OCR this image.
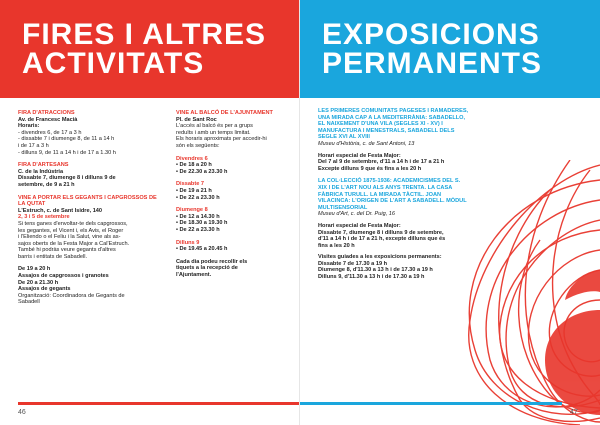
FIRES I ALTRES
ACTIVITATS
FIRA D'ATRACCIONS
Av. de Francesc Macià
Horaris:
- divendres 6, de 17 a 3 h
- dissabte 7 i diumenge 8, de 11 a 14 h
i de 17 a 3 h
- dilluns 9, de 11 a 14 h i de 17 a 1.30 h
FIRA D'ARTESANS
C. de la Indústria
Dissabte 7, diumenge 8 i dilluns 9 de
setembre, de 9 a 21 h
VINE A PORTAR ELS GEGANTS I CAPGROSSOS DE LA QUTAT
L'Estruch, c. de Sant Isidre, 140
2, 3 i 5 de setembre
Si tens ganes d'envoltar-te dels capgrossos,
les gegantes, el Vicent i, els Avis, el Roger
i l'Eliendo o el Feliu i la Salut, vine als as-
sajos oberts de la Festa Major a Cal'Estruch.
També hi podràs veure gegants d'altres
barris i entitats de Sabadell.
De 19 a 20 h
Assajos de capgrossos i granotes
De 20 a 21.30 h
Assajos de gegants
Organització: Coordinadora de Gegants de
Sabadell
VINE AL BALCÓ DE L'AJUNTAMENT
Pl. de Sant Roc
L'accés al balcó és per a grups
reduïts i amb un temps limitat.
Els horaris aproximats per accedir-hi
són els següents:
Divendres 6
• De 18 a 20 h
• De 22.30 a 23.30 h
Dissabte 7
• De 19 a 21 h
• De 22 a 23.30 h
Diumenge 8
• De 12 a 14.30 h
• De 18.30 a 19.30 h
• De 22 a 23.30 h
Dilluns 9
• De 19.45 a 20.45 h
Cada dia podeu recollir els
tiquets a la recepció de
l'Ajuntament.
46
EXPOSICIONS
PERMANENTS
LES PRIMERES COMUNITATS PAGESES I RAMADERES, UNA MIRADA CAP A LA MEDITERRÀNIA: SABADELLO, EL NAIXEMENT D'UNA VILA (SEGLES XI - XV) I MANUFACTURA I MENESTRALS, SABADELL DELS SEGLE XVI AL XVIII
Museu d'Història, c. de Sant Antoni, 13
Horari especial de Festa Major:
Del 7 al 9 de setembre, d'11 a 14 h i de 17 a 21 h
Excepte dilluns 9 que és fins a les 20 h
LA COL·LECCIÓ 1875-1936: ACADEMICISMES DEL S. XIX I DE L'ART NOU ALS ANYS TRENTA. LA CASA FÀBRICA TURULL. LA MIRADA TÀCTIL. JOAN VILACINCA: L'ORIGEN DE L'ART A SABADELL. MÒDUL MULTISENSORIAL
Museu d'Art, c. del Dr. Puig, 16
Horari especial de Festa Major:
Dissabte 7, diumenge 8 i dilluns 9 de setembre,
d'11 a 14 h i de 17 a 21 h, excepte dilluns que és
fins a les 20 h
Visites guiades a les exposicions permanents:
Dissabte 7 de 17.30 a 19 h
Diumenge 8, d'11.30 a 13 h i de 17.30 a 19 h
Dilluns 9, d'11.30 a 13 h i de 17.30 a 19 h
47
